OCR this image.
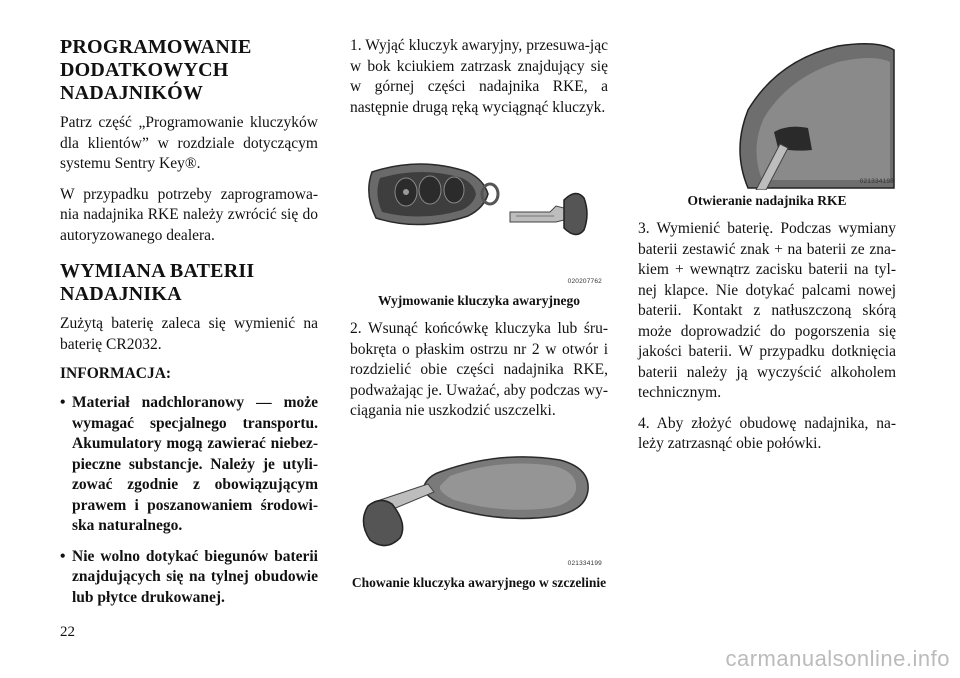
PROGRAMOWANIE DODATKOWYCH NADAJNIKÓW

Patrz część „Programowanie kluczyków dla klientów” w rozdziale dotyczącym systemu Sentry Key®.

W przypadku potrzeby zaprogramowa-nia nadajnika RKE należy zwrócić się do autoryzowanego dealera.

WYMIANA BATERII NADAJNIKA

Zużytą baterię zaleca się wymienić na baterię CR2032.

INFORMACJA:
• Materiał nadchloranowy — może wymagać specjalnego transportu. Akumulatory mogą zawierać niebez-pieczne substancje. Należy je utyli-zować zgodnie z obowiązującym prawem i poszanowaniem środowi-ska naturalnego.
• Nie wolno dotykać biegunów baterii znajdujących się na tylnej obudowie lub płytce drukowanej.

1. Wyjąć kluczyk awaryjny, przesuwa-jąc w bok kciukiem zatrzask znajdujący się w górnej części nadajnika RKE, a następnie drugą ręką wyciągnąć kluczyk.

020207762
Wyjmowanie kluczyka awaryjnego

2. Wsunąć końcówkę kluczyka lub śru-bokręta o płaskim ostrzu nr 2 w otwór i rozdzielić obie części nadajnika RKE, podważając je. Uważać, aby podczas wy-ciągania nie uszkodzić uszczelki.

021334199
Chowanie kluczyka awaryjnego w szczelinie
021334198
Otwieranie nadajnika RKE

3. Wymienić baterię. Podczas wymiany baterii zestawić znak + na baterii ze zna-kiem + wewnątrz zacisku baterii na tyl-nej klapce. Nie dotykać palcami nowej baterii. Kontakt z natłuszczoną skórą może doprowadzić do pogorszenia się jakości baterii. W przypadku dotknięcia baterii należy ją wyczyścić alkoholem technicznym.

4. Aby złożyć obudowę nadajnika, na-leży zatrzasnąć obie połówki.

22
carmanualsonline.info
